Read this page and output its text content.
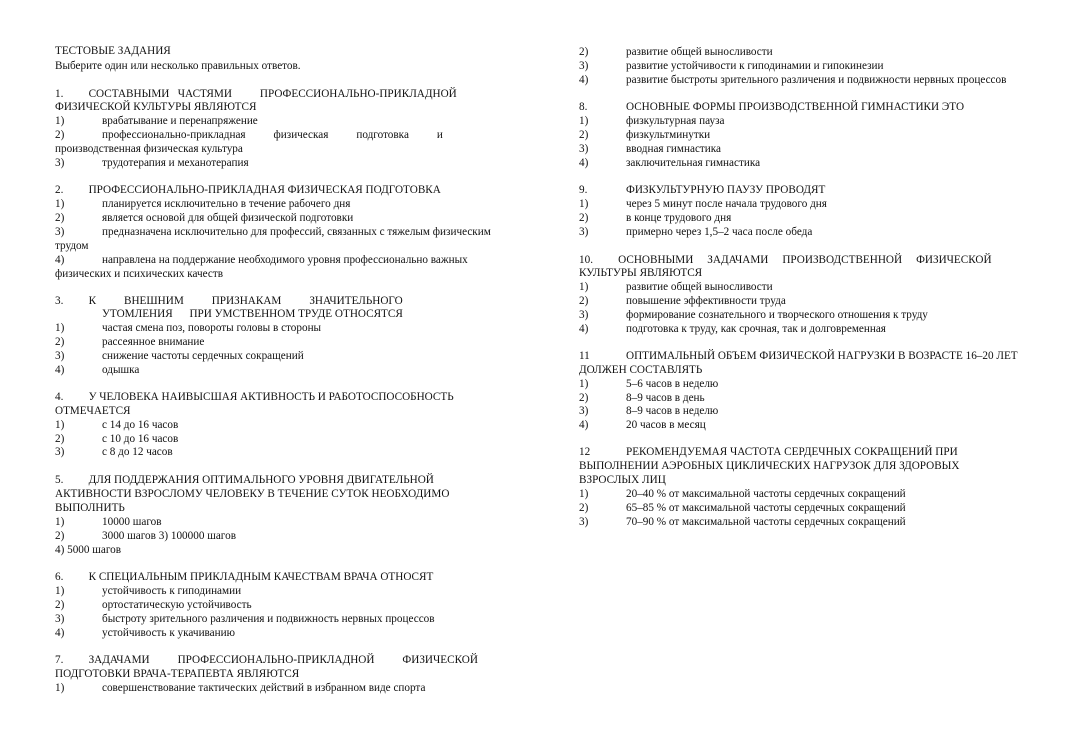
ТЕСТОВЫЕ ЗАДАНИЯ
Выберите один или несколько правильных ответов.
1.         СОСТАВНЫМИ   ЧАСТЯМИ          ПРОФЕССИОНАЛЬНО-ПРИКЛАДНОЙ
ФИЗИЧЕСКОЙ КУЛЬТУРЫ ЯВЛЯЮТСЯ
1)	врабатывание и перенапряжение
2)	профессионально-прикладная          физическая          подготовка          и
производственная физическая культура
3)	трудотерапия и механотерапия
2.         ПРОФЕССИОНАЛЬНО-ПРИКЛАДНАЯ ФИЗИЧЕСКАЯ ПОДГОТОВКА
1)	планируется исключительно в течение рабочего дня
2)	является основой для общей физической подготовки
3)	предназначена исключительно для профессий, связанных с тяжелым физическим
трудом
4)	направлена на поддержание необходимого уровня профессионально важных
физических и психических качеств
3.         К          ВНЕШНИМ          ПРИЗНАКАМ          ЗНАЧИТЕЛЬНОГО
УТОМЛЕНИЯ      ПРИ УМСТВЕННОМ ТРУДЕ ОТНОСЯТСЯ
1)	частая смена поз, повороты головы в стороны
2)	рассеянное внимание
3)	снижение частоты сердечных сокращений
4)	одышка
4.         У ЧЕЛОВЕКА НАИВЫСШАЯ АКТИВНОСТЬ И РАБОТОСПОСОБНОСТЬ
ОТМЕЧАЕТСЯ
1)	с 14 до 16 часов
2)	с 10 до 16 часов
3)	с 8 до 12 часов
5.         ДЛЯ ПОДДЕРЖАНИЯ ОПТИМАЛЬНОГО УРОВНЯ ДВИГАТЕЛЬНОЙ
АКТИВНОСТИ ВЗРОСЛОМУ ЧЕЛОВЕКУ В ТЕЧЕНИЕ СУТОК НЕОБХОДИМО
ВЫПОЛНИТЬ
1)	10000 шагов
2)	3000 шагов 3) 100000 шагов
4) 5000 шагов
6.         К СПЕЦИАЛЬНЫМ ПРИКЛАДНЫМ КАЧЕСТВАМ ВРАЧА ОТНОСЯТ
1)	устойчивость к гиподинамии
2)	ортостатическую устойчивость
3)	быстроту зрительного различения и подвижность нервных процессов
4)	устойчивость к укачиванию
7.         ЗАДАЧАМИ          ПРОФЕССИОНАЛЬНО-ПРИКЛАДНОЙ          ФИЗИЧЕСКОЙ
ПОДГОТОВКИ ВРАЧА-ТЕРАПЕВТА ЯВЛЯЮТСЯ
1)	совершенствование тактических действий в избранном виде спорта
2)	развитие общей выносливости
3)	развитие устойчивости к гиподинамии и гипокинезии
4)	развитие быстроты зрительного различения и подвижности нервных процессов
8.	ОСНОВНЫЕ ФОРМЫ ПРОИЗВОДСТВЕННОЙ ГИМНАСТИКИ ЭТО
1)	физкультурная пауза
2)	физкультминутки
3)	вводная гимнастика
4)	заключительная гимнастика
9.	ФИЗКУЛЬТУРНУЮ ПАУЗУ ПРОВОДЯТ
1)	через 5 минут после начала трудового дня
2)	в конце трудового дня
3)	примерно через 1,5–2 часа после обеда
10.         ОСНОВНЫМИ     ЗАДАЧАМИ     ПРОИЗВОДСТВЕННОЙ     ФИЗИЧЕСКОЙ
КУЛЬТУРЫ ЯВЛЯЮТСЯ
1)	развитие общей выносливости
2)	повышение эффективности труда
3)	формирование сознательного и творческого отношения к труду
4)	подготовка к труду, как срочная, так и долговременная
11	ОПТИМАЛЬНЫЙ ОБЪЕМ ФИЗИЧЕСКОЙ НАГРУЗКИ В ВОЗРАСТЕ 16–20 ЛЕТ
ДОЛЖЕН СОСТАВЛЯТЬ
1)	5–6 часов в неделю
2)	8–9 часов в день
3)	8–9 часов в неделю
4)	20 часов в месяц
12	РЕКОМЕНДУЕМАЯ ЧАСТОТА СЕРДЕЧНЫХ СОКРАЩЕНИЙ ПРИ
ВЫПОЛНЕНИИ АЭРОБНЫХ ЦИКЛИЧЕСКИХ НАГРУЗОК ДЛЯ ЗДОРОВЫХ
ВЗРОСЛЫХ ЛИЦ
1)	20–40 % от максимальной частоты сердечных сокращений
2)	65–85 % от максимальной частоты сердечных сокращений
3)	70–90 % от максимальной частоты сердечных сокращений
